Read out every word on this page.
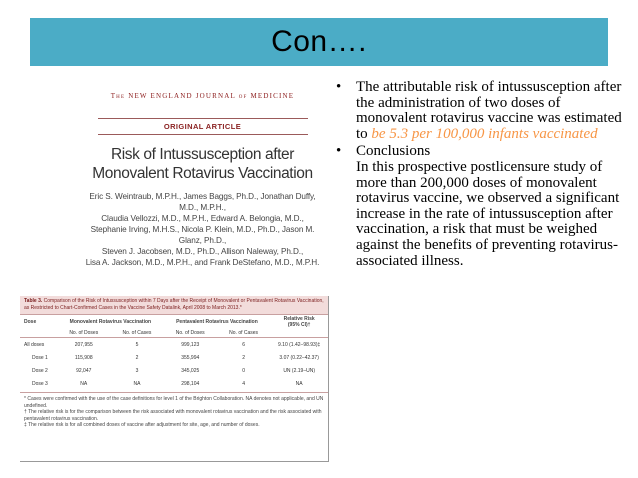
Con….
The NEW ENGLAND JOURNAL of MEDICINE
ORIGINAL ARTICLE
Risk of Intussusception after
Monovalent Rotavirus Vaccination
Eric S. Weintraub, M.P.H., James Baggs, Ph.D., Jonathan Duffy, M.D., M.P.H.,
Claudia Vellozzi, M.D., M.P.H., Edward A. Belongia, M.D.,
Stephanie Irving, M.H.S., Nicola P. Klein, M.D., Ph.D., Jason M. Glanz, Ph.D.,
Steven J. Jacobsen, M.D., Ph.D., Allison Naleway, Ph.D.,
Lisa A. Jackson, M.D., M.P.H., and Frank DeStefano, M.D., M.P.H.
Table 3. Comparison of the Risk of Intussusception within 7 Days after the Receipt of Monovalent or Pentavalent Rotavirus Vaccination, as Restricted to Chart-Confirmed Cases in the Vaccine Safety Datalink, April 2008 to March 2013.*
Dose	Monovalent Rotavirus Vaccination		Pentavalent Rotavirus Vaccination		Relative Risk
(95% CI)†
	No. of Doses	No. of Cases	No. of Doses	No. of Cases	
All doses	207,955	5	999,123	6	9.10 (1.42–98.93)‡
Dose 1	115,908	2	355,994	2	3.07 (0.22–42.37)
Dose 2	92,047	3	345,025	0	UN (2.19–UN)
Dose 3	NA	NA	298,104	4	NA
* Cases were confirmed with the use of the case definitions for level 1 of the Brighton Collaboration. NA denotes not applicable, and UN undefined.
† The relative risk is for the comparison between the risk associated with monovalent rotavirus vaccination and the risk associated with pentavalent rotavirus vaccination.
‡ The relative risk is for all combined doses of vaccine after adjustment for site, age, and number of doses.
• The attributable risk of intussusception after the administration of two doses of monovalent rotavirus vaccine was estimated to be 5.3 per 100,000 infants vaccinated
• Conclusions
In this prospective postlicensure study of more than 200,000 doses of monovalent rotavirus vaccine, we observed a significant increase in the rate of intussusception after vaccination, a risk that must be weighed against the benefits of preventing rotavirus-associated illness.
